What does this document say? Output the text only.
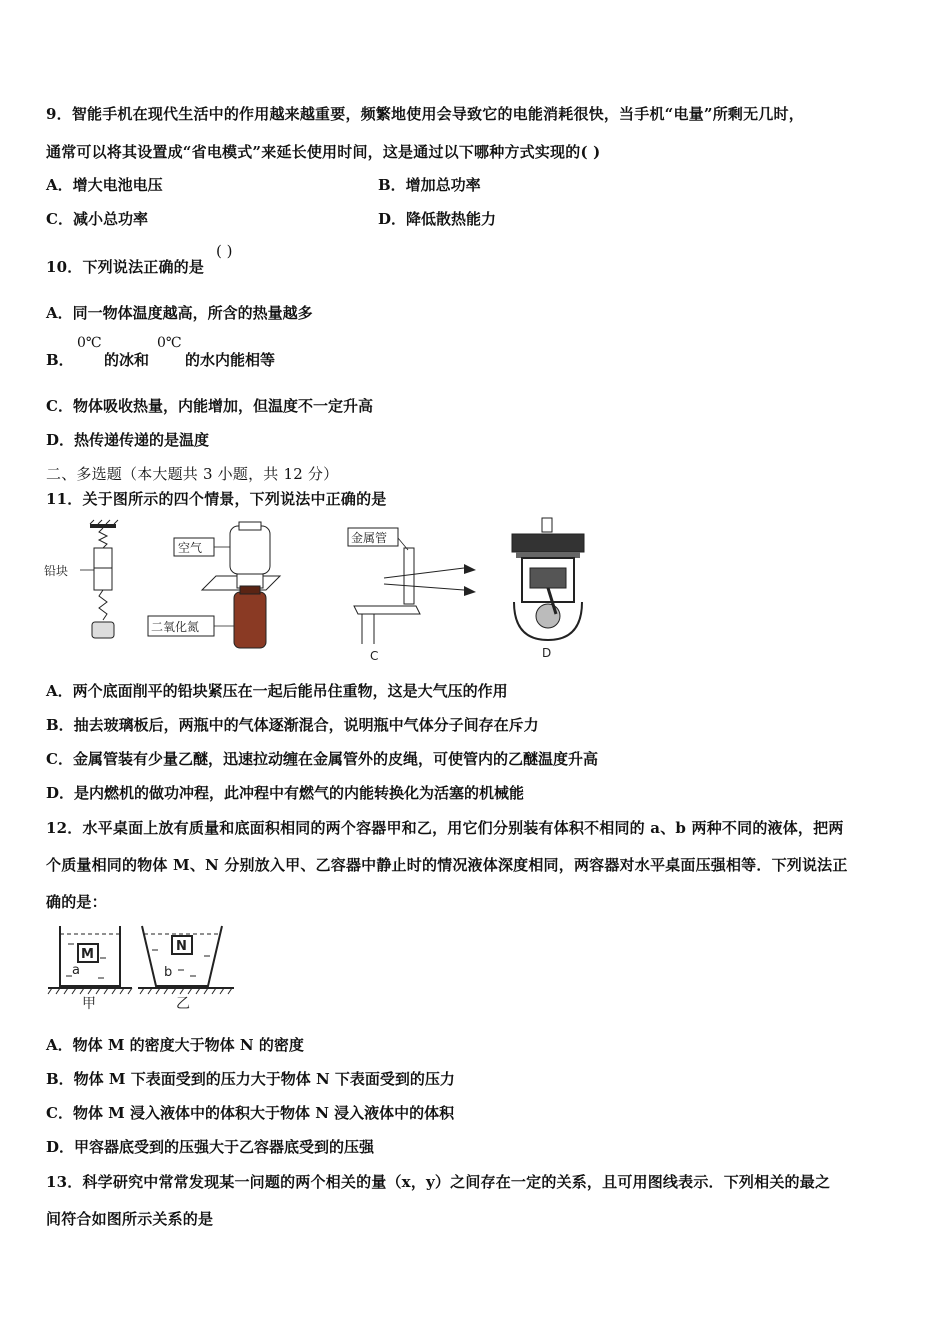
9．智能手机在现代生活中的作用越来越重要，频繁地使用会导致它的电能消耗很快，当手机“电量”所剩无几时，
通常可以将其设置成“省电模式”来延长使用时间，这是通过以下哪种方式实现的( )
A．增大电池电压	B．增加总功率
C．减小总功率	D．降低散热能力
10．下列说法正确的是
( )
A．同一物体温度越高，所含的热量越多
B．
0℃
的冰和
0℃
的水内能相等
C．物体吸收热量，内能增加，但温度不一定升高
D．热传递传递的是温度
二、多选题（本大题共 3 小题，共 12 分）
11．关于图所示的四个情景，下列说法中正确的是
铅块
空气
二氧化氮
金属管
C	D
A．两个底面削平的铅块紧压在一起后能吊住重物，这是大气压的作用
B．抽去玻璃板后，两瓶中的气体逐渐混合，说明瓶中气体分子间存在斥力
C．金属管装有少量乙醚，迅速拉动缠在金属管外的皮绳，可使管内的乙醚温度升高
D．是内燃机的做功冲程，此冲程中有燃气的内能转换化为活塞的机械能
12．水平桌面上放有质量和底面积相同的两个容器甲和乙，用它们分别装有体积不相同的 a、b 两种不同的液体，把两
个质量相同的物体 M、N 分别放入甲、乙容器中静止时的情况液体深度相同，两容器对水平桌面压强相等．下列说法正
确的是：
M
a
N
b
甲	乙
A．物体 M 的密度大于物体 N 的密度
B．物体 M 下表面受到的压力大于物体 N 下表面受到的压力
C．物体 M 浸入液体中的体积大于物体 N 浸入液体中的体积
D．甲容器底受到的压强大于乙容器底受到的压强
13．科学研究中常常发现某一问题的两个相关的量（x，y）之间存在一定的关系，且可用图线表示．下列相关的最之
间符合如图所示关系的是
